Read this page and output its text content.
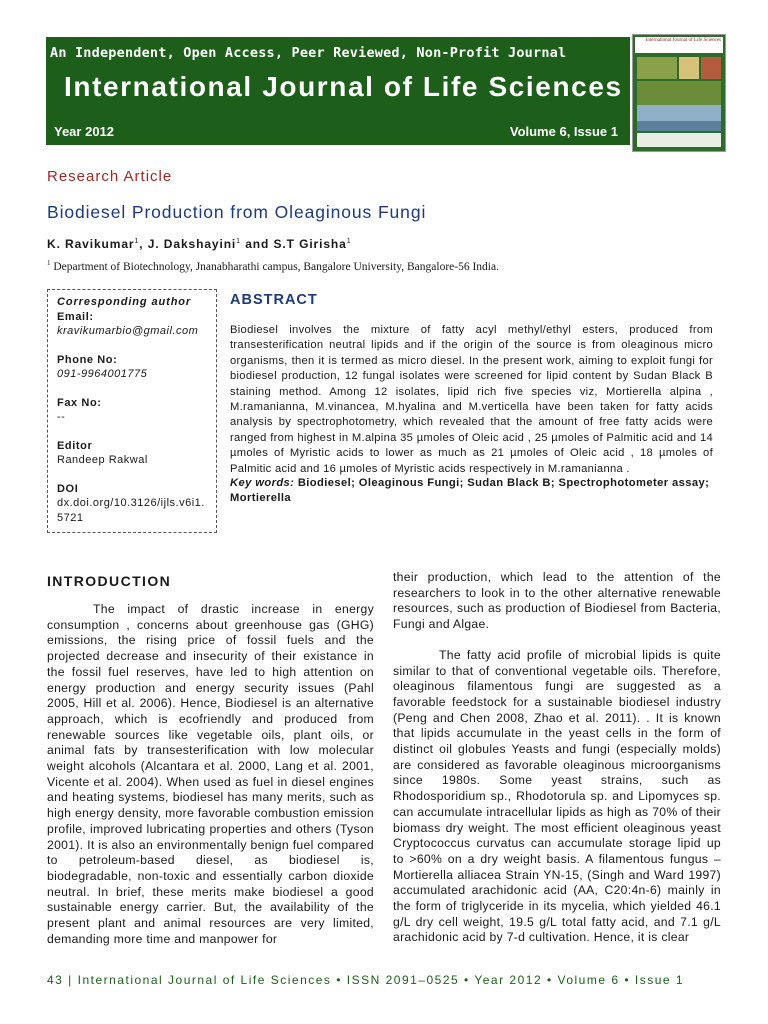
An Independent, Open Access, Peer Reviewed, Non-Profit Journal
International Journal of Life Sciences
Year 2012	Volume 6, Issue 1
International Journal of Life Sciences
Research Article
Biodiesel Production from Oleaginous Fungi
K. Ravikumar$^1$, J. Dakshayini$^1$ and S.T Girisha$^1$
$^1$ Department of Biotechnology, Jnanabharathi campus, Bangalore University, Bangalore-56 India.
Corresponding author
Email:
kravikumarbio@gmail.com
Phone No:
091-9964001775
Fax No:
--
Editor
Randeep Rakwal
DOI
dx.doi.org/10.3126/ijls.v6i1.5721
ABSTRACT
Biodiesel involves the mixture of fatty acyl methyl/ethyl esters, produced from transesterification neutral lipids and if the origin of the source is from oleaginous micro organisms, then it is termed as micro diesel. In the present work, aiming to exploit fungi for biodiesel production, 12 fungal isolates were screened for lipid content by Sudan Black B staining method. Among 12 isolates, lipid rich five species viz, Mortierella alpina , M.ramanianna, M.vinancea, M.hyalina and M.verticella have been taken for fatty acids analysis by spectrophotometry, which revealed that the amount of free fatty acids were ranged from highest in M.alpina 35 µmoles of Oleic acid , 25 µmoles of Palmitic acid and 14 µmoles of Myristic acids to lower as much as 21 µmoles of Oleic acid , 18 µmoles of Palmitic acid and 16 µmoles of Myristic acids respectively in M.ramanianna .
Key words: Biodiesel; Oleaginous Fungi; Sudan Black B; Spectrophotometer assay; Mortierella
INTRODUCTION

The impact of drastic increase in energy consumption , concerns about greenhouse gas (GHG) emissions, the rising price of fossil fuels and the projected decrease and insecurity of their existance in the fossil fuel reserves, have led to high attention on energy production and energy security issues (Pahl 2005, Hill et al. 2006). Hence, Biodiesel is an alternative approach, which is ecofriendly and produced from renewable sources like vegetable oils, plant oils, or animal fats by transesterification with low molecular weight alcohols (Alcantara et al. 2000, Lang et al. 2001, Vicente et al. 2004). When used as fuel in diesel engines and heating systems, biodiesel has many merits, such as high energy density, more favorable combustion emission profile, improved lubricating properties and others (Tyson 2001). It is also an environmentally benign fuel compared to petroleum-based diesel, as biodiesel is, biodegradable, non-toxic and essentially carbon dioxide neutral. In brief, these merits make biodiesel a good sustainable energy carrier. But, the availability of the present plant and animal resources are very limited, demanding more time and manpower for

their production, which lead to the attention of the researchers to look in to the other alternative renewable resources, such as production of Biodiesel from Bacteria, Fungi and Algae.

The fatty acid profile of microbial lipids is quite similar to that of conventional vegetable oils. Therefore, oleaginous filamentous fungi are suggested as a favorable feedstock for a sustainable biodiesel industry (Peng and Chen 2008, Zhao et al. 2011). . It is known that lipids accumulate in the yeast cells in the form of distinct oil globules Yeasts and fungi (especially molds) are considered as favorable oleaginous microorganisms since 1980s. Some yeast strains, such as Rhodosporidium sp., Rhodotorula sp. and Lipomyces sp. can accumulate intracellular lipids as high as 70% of their biomass dry weight. The most efficient oleaginous yeast Cryptococcus curvatus can accumulate storage lipid up to >60% on a dry weight basis. A filamentous fungus – Mortierella alliacea Strain YN-15, (Singh and Ward 1997) accumulated arachidonic acid (AA, C20:4n-6) mainly in the form of triglyceride in its mycelia, which yielded 46.1 g/L dry cell weight, 19.5 g/L total fatty acid, and 7.1 g/L arachidonic acid by 7-d cultivation. Hence, it is clear

43 | International Journal of Life Sciences • ISSN 2091–0525 • Year 2012 • Volume 6 • Issue 1
